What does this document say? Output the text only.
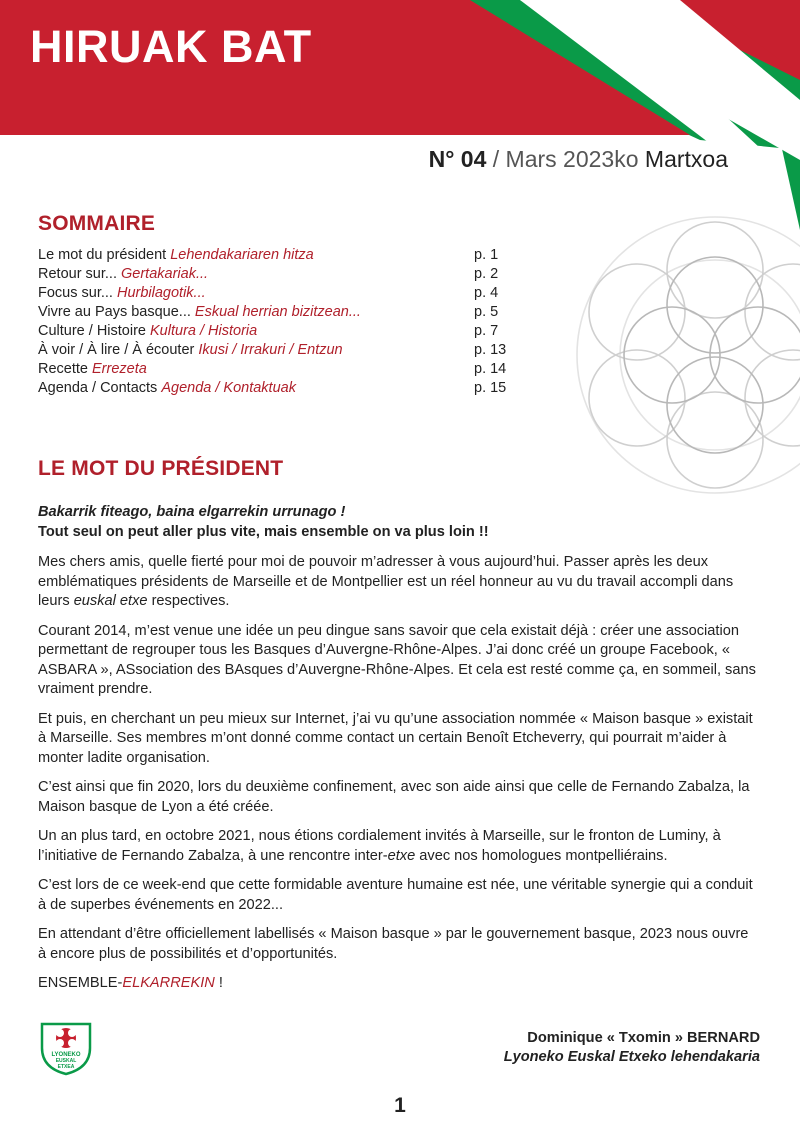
HIRUAK BAT

N° 04 / Mars 2023ko Martxoa

SOMMAIRE
Le mot du président Lehendakariaren hitza	p. 1
Retour sur... Gertakariak...	p. 2
Focus sur... Hurbilagotik...	p. 4
Vivre au Pays basque... Eskual herrian bizitzean...	p. 5
Culture / Histoire Kultura / Historia	p. 7
À voir / À lire / À écouter Ikusi / Irrakuri / Entzun	p. 13
Recette Errezeta	p. 14
Agenda / Contacts Agenda / Kontaktuak	p. 15
LE MOT DU PRÉSIDENT
Bakarrik fiteago, baina elgarrekin urrunago !
Tout seul on peut aller plus vite, mais ensemble on va plus loin !!

Mes chers amis, quelle fierté pour moi de pouvoir m’adresser à vous aujourd’hui. Passer après les deux emblématiques présidents de Marseille et de Montpellier est un réel honneur au vu du travail accompli dans leurs euskal etxe respectives.

Courant 2014, m’est venue une idée un peu dingue sans savoir que cela existait déjà : créer une association permettant de regrouper tous les Basques d’Auvergne-Rhône-Alpes. J’ai donc créé un groupe Facebook, « ASBARA », ASsociation des BAsques d’Auvergne-Rhône-Alpes. Et cela est resté comme ça, en sommeil, sans vraiment prendre.

Et puis, en cherchant un peu mieux sur Internet, j’ai vu qu’une association nommée « Maison basque » existait à Marseille. Ses membres m’ont donné comme contact un certain Benoît Etcheverry, qui pourrait m’aider à monter ladite organisation.

C’est ainsi que fin 2020, lors du deuxième confinement, avec son aide ainsi que celle de Fernando Zabalza, la Maison basque de Lyon a été créée.

Un an plus tard, en octobre 2021, nous étions cordialement invités à Marseille, sur le fronton de Luminy, à l’initiative de Fernando Zabalza, à une rencontre inter-etxe avec nos homologues montpelliérains.

C’est lors de ce week-end que cette formidable aventure humaine est née, une véritable synergie qui a conduit à de superbes événements en 2022...

En attendant d’être officiellement labellisés « Maison basque » par le gouvernement basque, 2023 nous ouvre à encore plus de possibilités et d’opportunités.

ENSEMBLE-ELKARREKIN !

LYONEKO
EUSKAL
ETXEA
Dominique « Txomin » BERNARD
Lyoneko Euskal Etxeko lehendakaria
1
